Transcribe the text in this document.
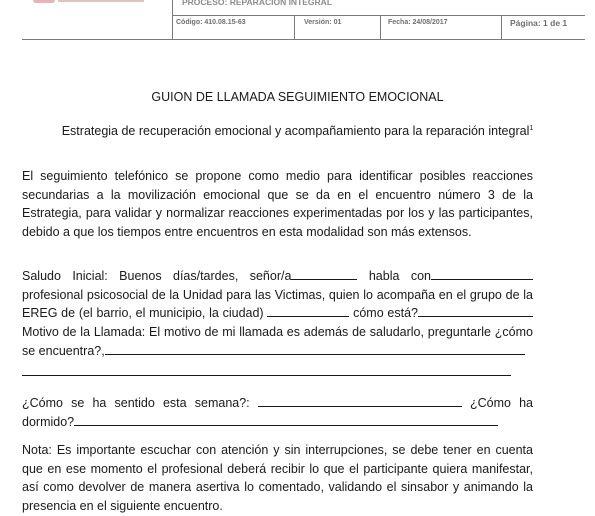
PROCESO: REPARACION INTEGRAL
Código: 410.08.15-63	Versión: 01	Fecha: 24/08/2017	Página: 1 de 1
GUION DE LLAMADA SEGUIMIENTO EMOCIONAL
Estrategia de recuperación emocional y acompañamiento para la reparación integral$^1$

El seguimiento telefónico se propone como medio para identificar posibles reacciones secundarias a la movilización emocional que se da en el encuentro número 3 de la Estrategia, para validar y normalizar reacciones experimentadas por los y las participantes, debido a que los tiempos entre encuentros en esta modalidad son más extensos.

Saludo Inicial: Buenos días/tardes, señor/a	habla con profesional psicosocial de la Unidad para las Victimas, quien lo acompaña en el grupo de la EREG de (el barrio, el municipio, la ciudad)	cómo está? Motivo de la Llamada: El motivo de mi llamada es además de saludarlo, preguntarle ¿cómo se encuentra?,

¿Cómo se ha sentido esta semana?:	¿Cómo ha dormido?

Nota: Es importante escuchar con atención y sin interrupciones, se debe tener en cuenta que en ese momento el profesional deberá recibir lo que el participante quiera manifestar, así como devolver de manera asertiva lo comentado, validando el sinsabor y animando la presencia en el siguiente encuentro.
